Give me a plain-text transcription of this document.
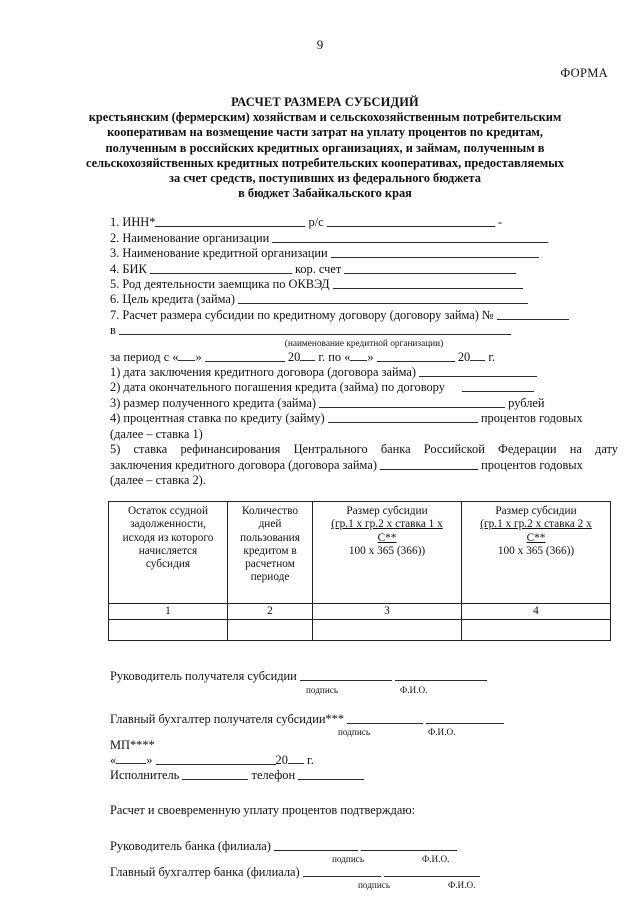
9
ФОРМА
РАСЧЕТ РАЗМЕРА СУБСИДИЙ
крестьянским (фермерским) хозяйствам и сельскохозяйственным потребительским
кооперативам на возмещение части затрат на уплату процентов по кредитам,
полученным в российских кредитных организациях, и займам, полученным в
сельскохозяйственных кредитных потребительских кооперативах, предоставляемых
за счет средств, поступивших из федерального бюджета
в бюджет Забайкальского края
1. ИНН*	р/с	-
2. Наименование организации
3. Наименование кредитной организации
4. БИК	кор. счет
5. Род деятельности заемщика по ОКВЭД
6. Цель кредита (займа)
7. Расчет размера субсидии по кредитному договору (договору займа) №
в
(наименование кредитной организации)
за период с « »	20 г. по « »	20 г.
1) дата заключения кредитного договора (договора займа)
2) дата окончательного погашения кредита (займа) по договору
3) размер полученного кредита (займа)	рублей
4) процентная ставка по кредиту (займу)	процентов годовых
(далее – ставка 1)
5) ставка рефинансирования Центрального банка Российской Федерации на дату
заключения кредитного договора (договора займа)	процентов годовых
(далее – ставка 2).
Остаток ссудной
задолженности,
исходя из которого
начисляется
субсидия

Количество
дней
пользования
кредитом в
расчетном
периоде

Размер субсидии
(гр.1 х гр.2 х ставка 1 х
С**
100 х 365 (366))

Размер субсидии
(гр.1 х гр.2 х ставка 2 х
С**
100 х 365 (366))

1	2	3	4

Руководитель получателя субсидии
подпись	Ф.И.О.
Главный бухгалтер получателя субсидии***
подпись	Ф.И.О.
МП****
« »	20 г.
Исполнитель	телефон
Расчет и своевременную уплату процентов подтверждаю:
Руководитель банка (филиала)
подпись	Ф.И.О.
Главный бухгалтер банка (филиала)
подпись	Ф.И.О.
